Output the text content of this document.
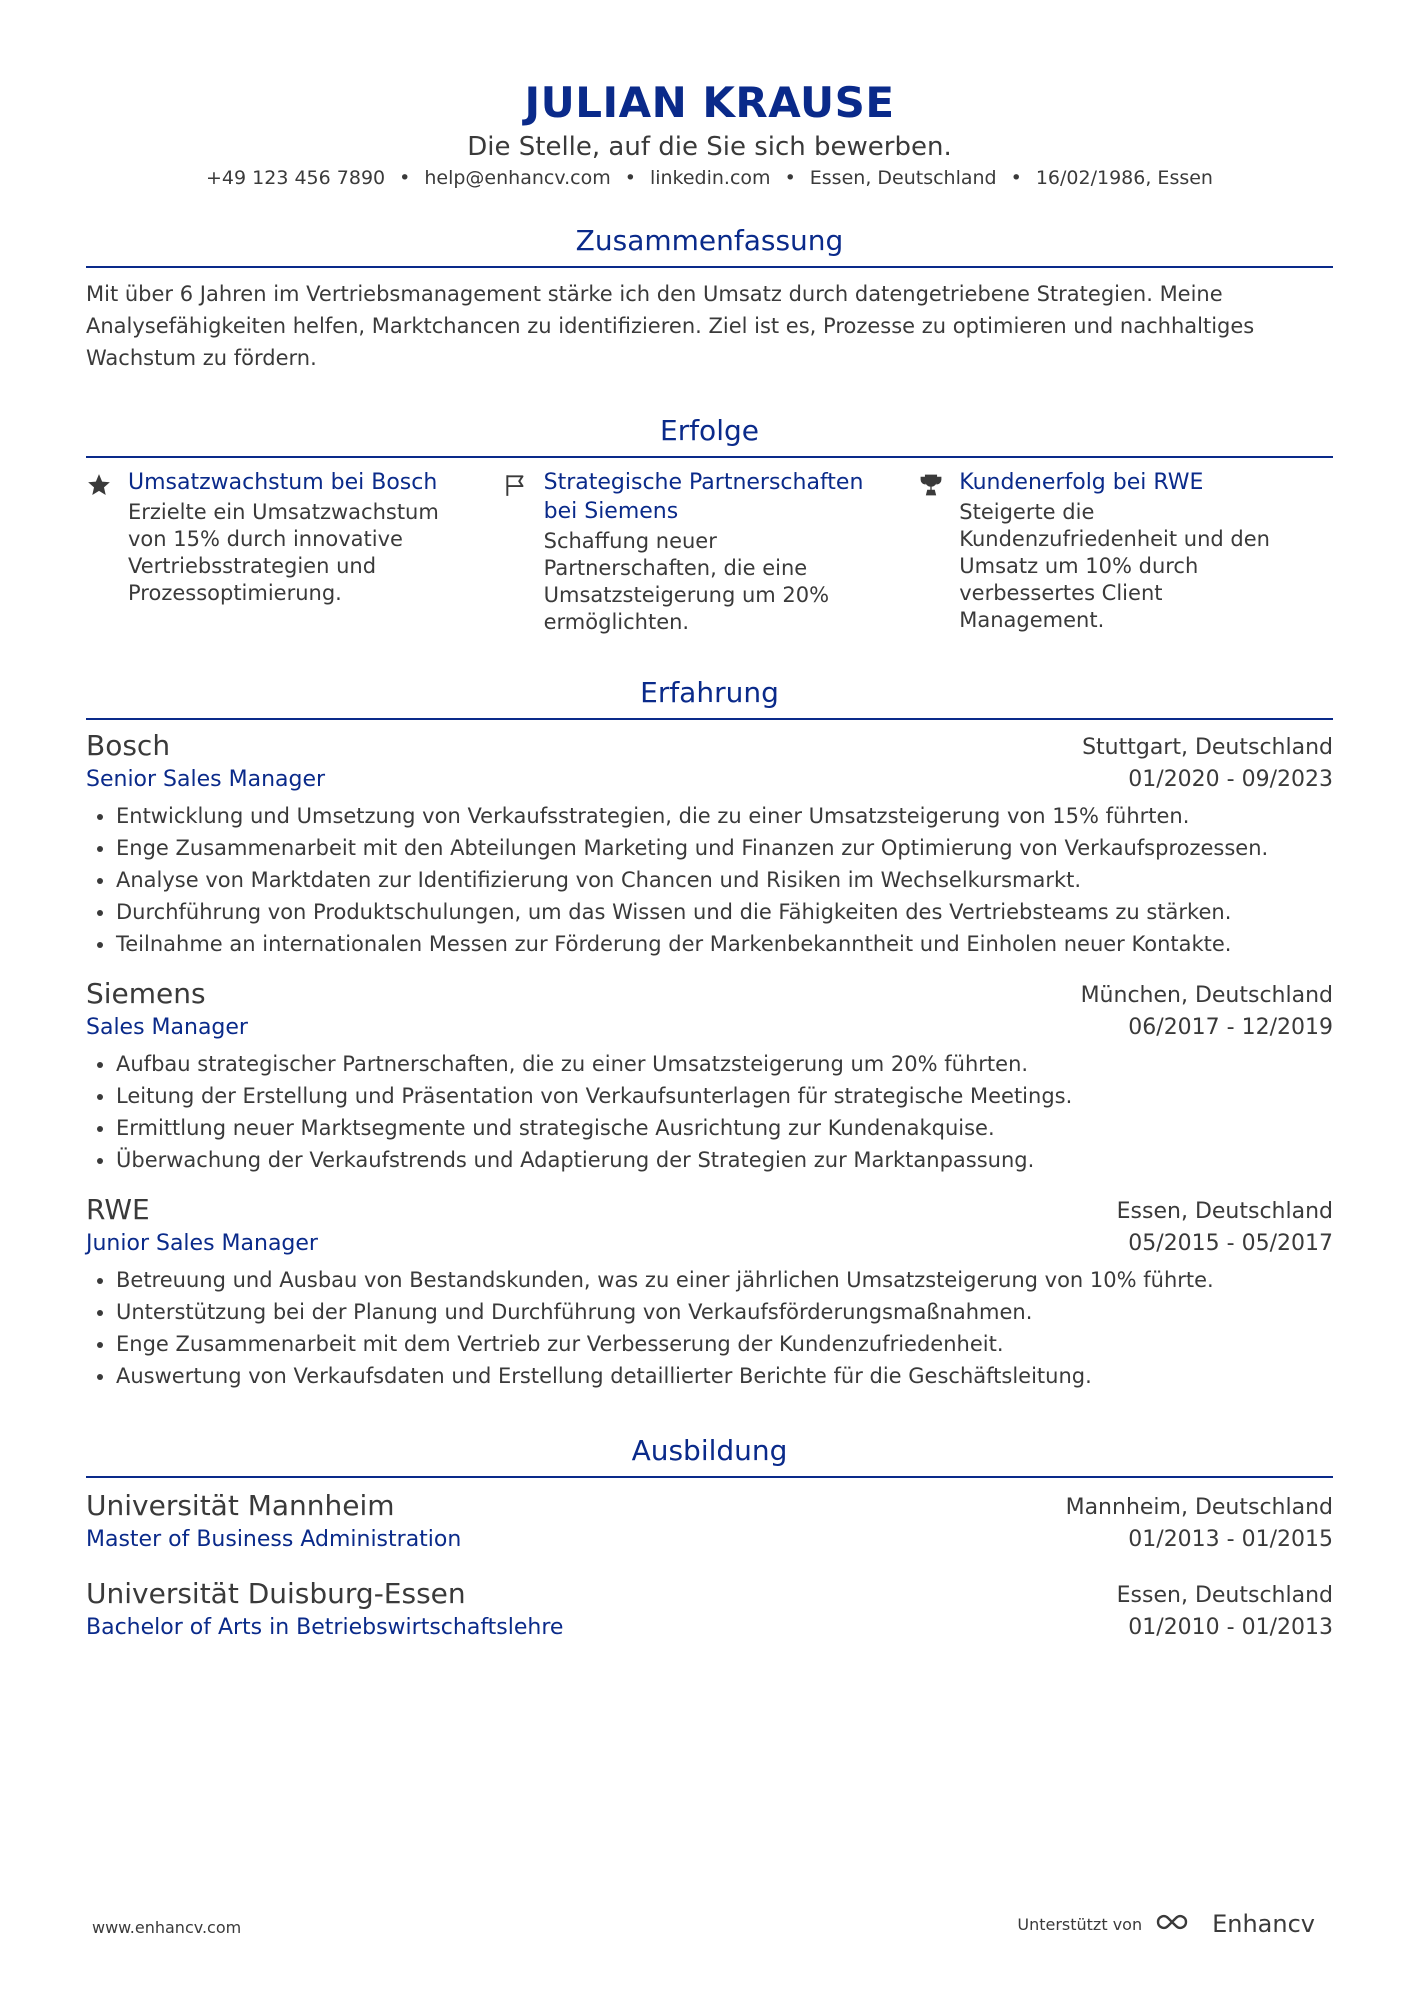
JULIAN KRAUSE
Die Stelle, auf die Sie sich bewerben.
+49 123 456 7890 • help@enhancv.com • linkedin.com • Essen, Deutschland • 16/02/1986, Essen
Zusammenfassung
Mit über 6 Jahren im Vertriebsmanagement stärke ich den Umsatz durch datengetriebene Strategien. Meine Analysefähigkeiten helfen, Marktchancen zu identifizieren. Ziel ist es, Prozesse zu optimieren und nachhaltiges Wachstum zu fördern.
Erfolge
Umsatzwachstum bei Bosch
Erzielte ein Umsatzwachstum von 15% durch innovative Vertriebsstrategien und Prozessoptimierung.
Strategische Partnerschaften bei Siemens
Schaffung neuer Partnerschaften, die eine Umsatzsteigerung um 20% ermöglichten.
Kundenerfolg bei RWE
Steigerte die Kundenzufriedenheit und den Umsatz um 10% durch verbessertes Client Management.
Erfahrung
Bosch	Stuttgart, Deutschland
Senior Sales Manager	01/2020 - 09/2023
• Entwicklung und Umsetzung von Verkaufsstrategien, die zu einer Umsatzsteigerung von 15% führten.
• Enge Zusammenarbeit mit den Abteilungen Marketing und Finanzen zur Optimierung von Verkaufsprozessen.
• Analyse von Marktdaten zur Identifizierung von Chancen und Risiken im Wechselkursmarkt.
• Durchführung von Produktschulungen, um das Wissen und die Fähigkeiten des Vertriebsteams zu stärken.
• Teilnahme an internationalen Messen zur Förderung der Markenbekanntheit und Einholen neuer Kontakte.
Siemens	München, Deutschland
Sales Manager	06/2017 - 12/2019
• Aufbau strategischer Partnerschaften, die zu einer Umsatzsteigerung um 20% führten.
• Leitung der Erstellung und Präsentation von Verkaufsunterlagen für strategische Meetings.
• Ermittlung neuer Marktsegmente und strategische Ausrichtung zur Kundenakquise.
• Überwachung der Verkaufstrends und Adaptierung der Strategien zur Marktanpassung.
RWE	Essen, Deutschland
Junior Sales Manager	05/2015 - 05/2017
• Betreuung und Ausbau von Bestandskunden, was zu einer jährlichen Umsatzsteigerung von 10% führte.
• Unterstützung bei der Planung und Durchführung von Verkaufsförderungsmaßnahmen.
• Enge Zusammenarbeit mit dem Vertrieb zur Verbesserung der Kundenzufriedenheit.
• Auswertung von Verkaufsdaten und Erstellung detaillierter Berichte für die Geschäftsleitung.
Ausbildung
Universität Mannheim	Mannheim, Deutschland
Master of Business Administration	01/2013 - 01/2015
Universität Duisburg-Essen	Essen, Deutschland
Bachelor of Arts in Betriebswirtschaftslehre	01/2010 - 01/2013
www.enhancv.com	Unterstützt von	Enhancv
